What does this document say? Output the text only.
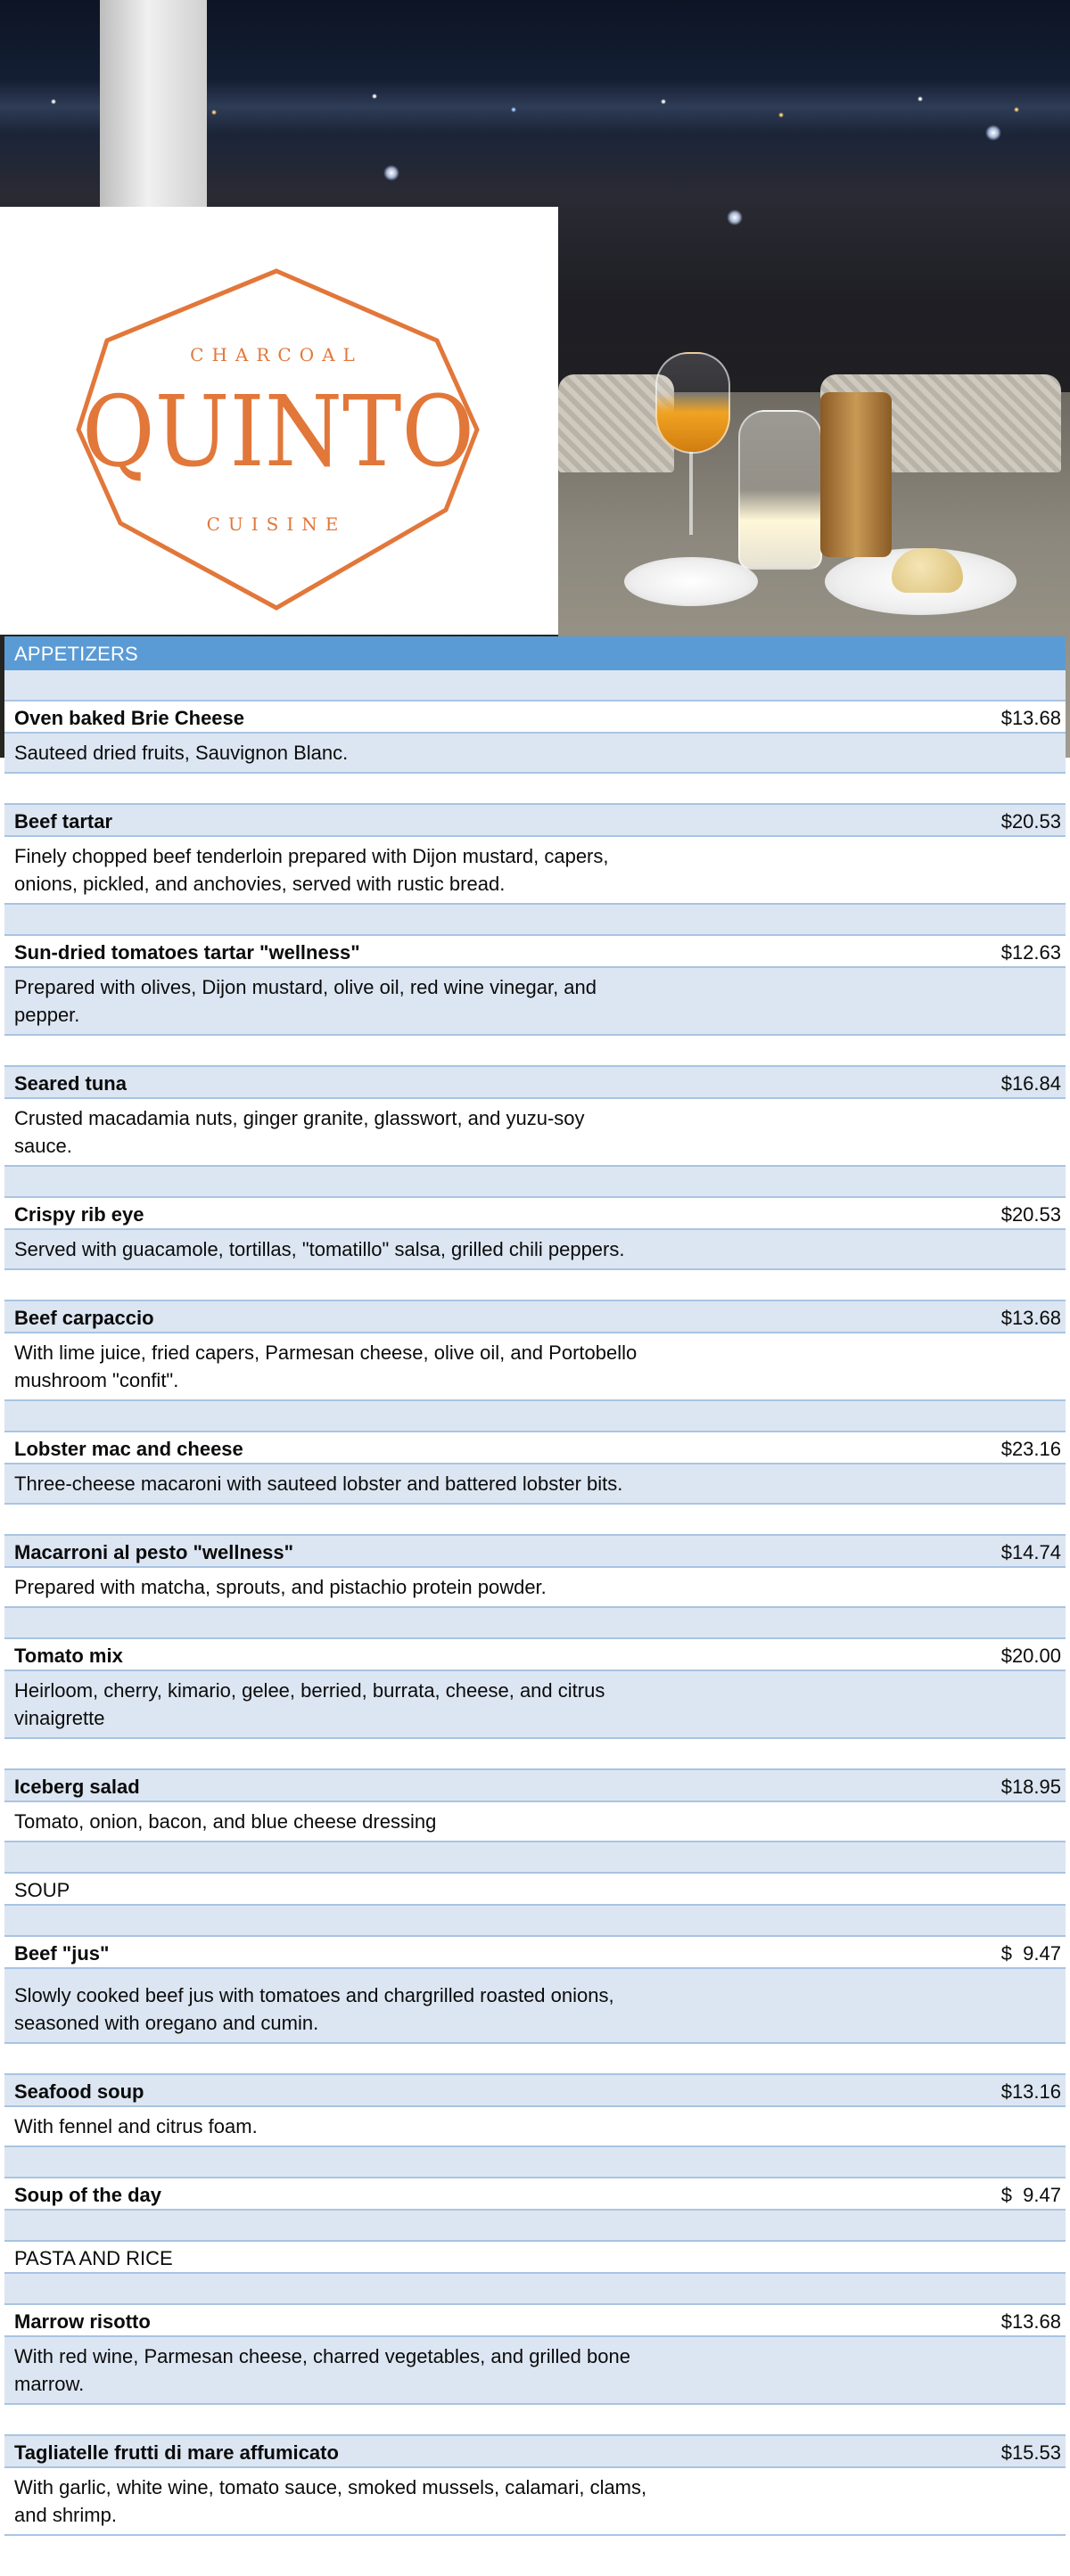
CHARCOAL
QUINTO
CUISINE
APPETIZERS
Oven baked Brie Cheese	$13.68
Sauteed dried fruits, Sauvignon Blanc.
Beef tartar	$20.53
Finely chopped beef tenderloin prepared with Dijon mustard, capers, onions, pickled, and anchovies, served with rustic bread.
Sun-dried tomatoes tartar "wellness"	$12.63
Prepared with olives, Dijon mustard, olive oil, red wine vinegar, and pepper.
Seared tuna	$16.84
Crusted macadamia nuts, ginger granite, glasswort, and yuzu-soy sauce.
Crispy rib eye	$20.53
Served with guacamole, tortillas, "tomatillo" salsa, grilled chili peppers.
Beef carpaccio	$13.68
With lime juice, fried capers, Parmesan cheese, olive oil, and Portobello mushroom "confit".
Lobster mac and cheese	$23.16
Three-cheese macaroni with sauteed lobster and battered lobster bits.
Macarroni al pesto "wellness"	$14.74
Prepared with matcha, sprouts, and pistachio protein powder.
Tomato mix	$20.00
Heirloom, cherry, kimario, gelee, berried, burrata, cheese, and citrus vinaigrette
Iceberg salad	$18.95
Tomato, onion, bacon, and blue cheese dressing
SOUP
Beef "jus"	$  9.47
Slowly cooked beef jus with tomatoes and chargrilled roasted onions, seasoned with oregano and cumin.
Seafood soup	$13.16
With fennel and citrus foam.
Soup of the day	$  9.47
PASTA AND RICE
Marrow risotto	$13.68
With red wine, Parmesan cheese, charred vegetables, and grilled bone marrow.
Tagliatelle frutti di mare affumicato	$15.53
With garlic, white wine, tomato sauce, smoked mussels, calamari, clams, and shrimp.
